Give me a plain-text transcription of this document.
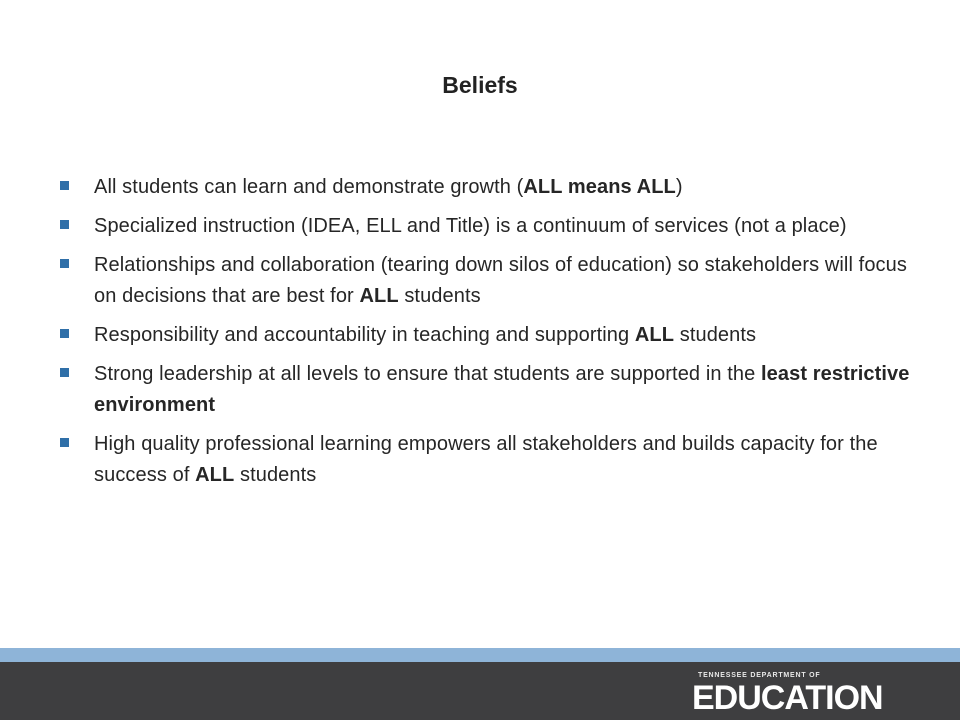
Beliefs
All students can learn and demonstrate growth (ALL means ALL)
Specialized instruction (IDEA, ELL and Title) is a continuum of services (not a place)
Relationships and collaboration (tearing down silos of education) so stakeholders will focus on decisions that are best for ALL students
Responsibility and accountability in teaching and supporting ALL students
Strong leadership at all levels to ensure that students are supported in the least restrictive environment
High quality professional learning empowers all stakeholders and builds capacity for the success of ALL students
TENNESSEE DEPARTMENT OF
EDUCATION
